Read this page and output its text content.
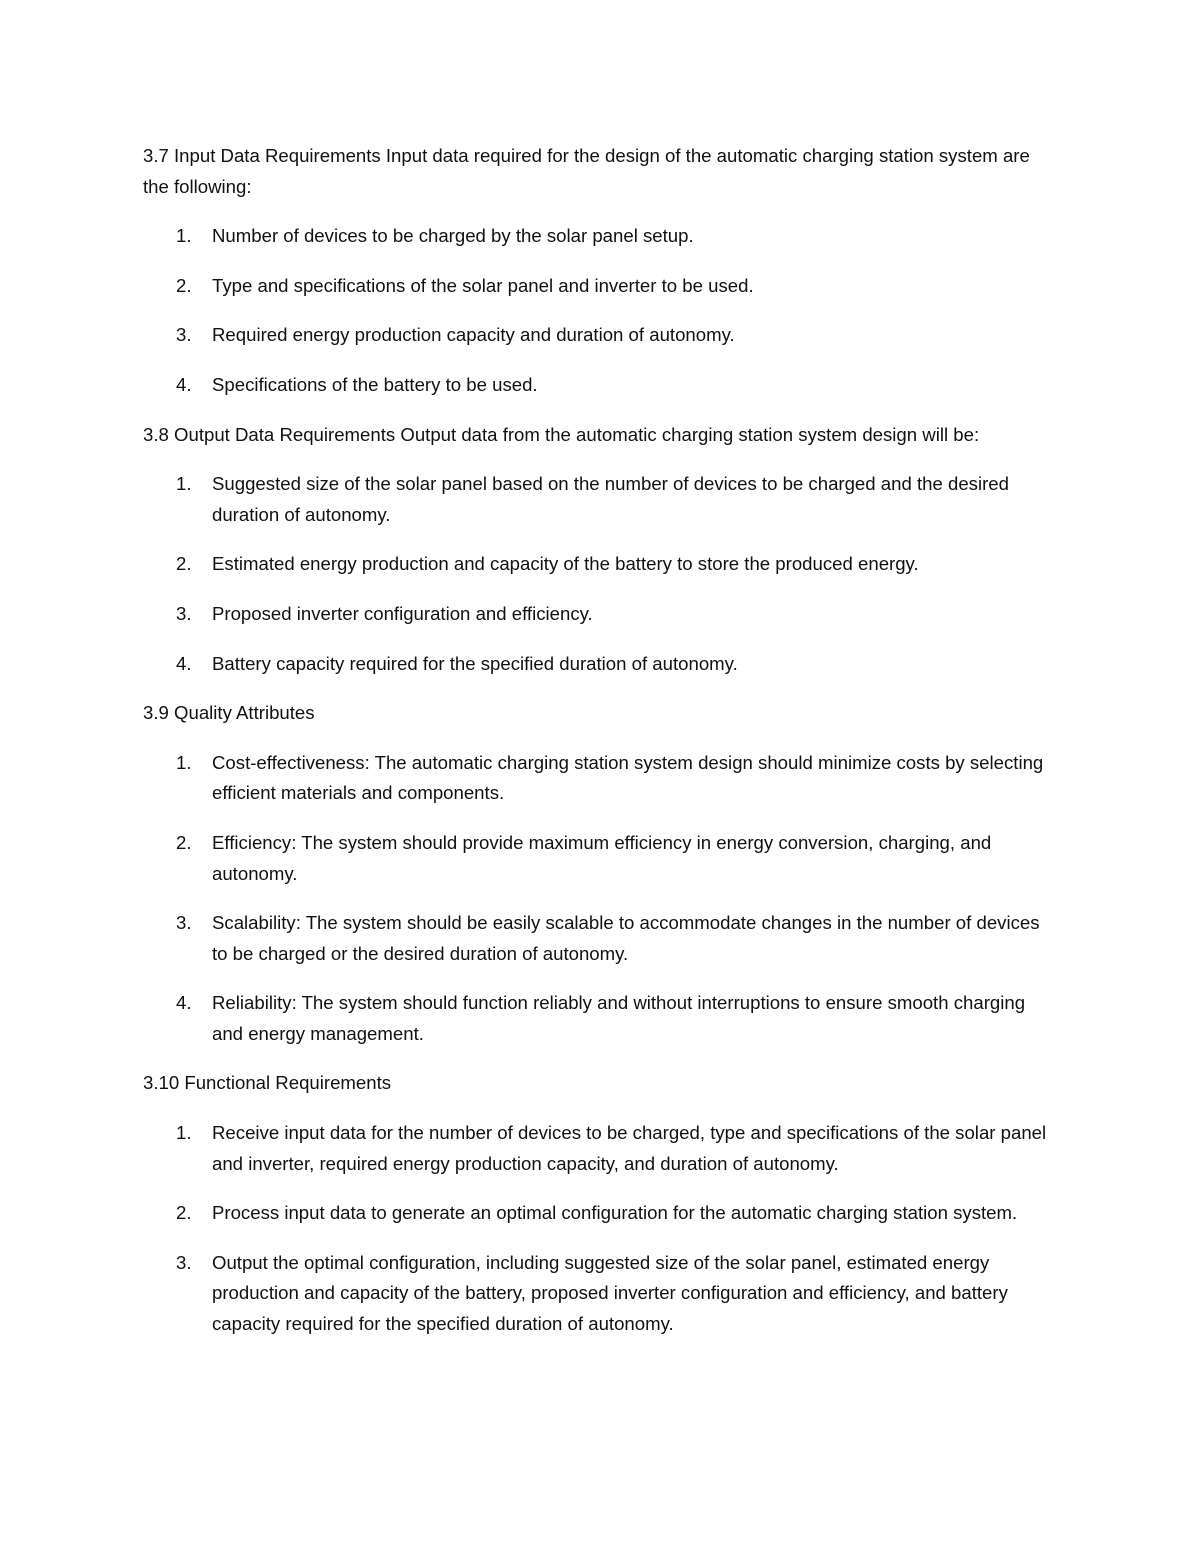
3.7 Input Data Requirements Input data required for the design of the automatic charging station system are the following:

1. Number of devices to be charged by the solar panel setup.
2. Type and specifications of the solar panel and inverter to be used.
3. Required energy production capacity and duration of autonomy.
4. Specifications of the battery to be used.

3.8 Output Data Requirements Output data from the automatic charging station system design will be:

1. Suggested size of the solar panel based on the number of devices to be charged and the desired duration of autonomy.
2. Estimated energy production and capacity of the battery to store the produced energy.
3. Proposed inverter configuration and efficiency.
4. Battery capacity required for the specified duration of autonomy.

3.9 Quality Attributes

1. Cost-effectiveness: The automatic charging station system design should minimize costs by selecting efficient materials and components.
2. Efficiency: The system should provide maximum efficiency in energy conversion, charging, and autonomy.
3. Scalability: The system should be easily scalable to accommodate changes in the number of devices to be charged or the desired duration of autonomy.
4. Reliability: The system should function reliably and without interruptions to ensure smooth charging and energy management.

3.10 Functional Requirements

1. Receive input data for the number of devices to be charged, type and specifications of the solar panel and inverter, required energy production capacity, and duration of autonomy.
2. Process input data to generate an optimal configuration for the automatic charging station system.
3. Output the optimal configuration, including suggested size of the solar panel, estimated energy production and capacity of the battery, proposed inverter configuration and efficiency, and battery capacity required for the specified duration of autonomy.
